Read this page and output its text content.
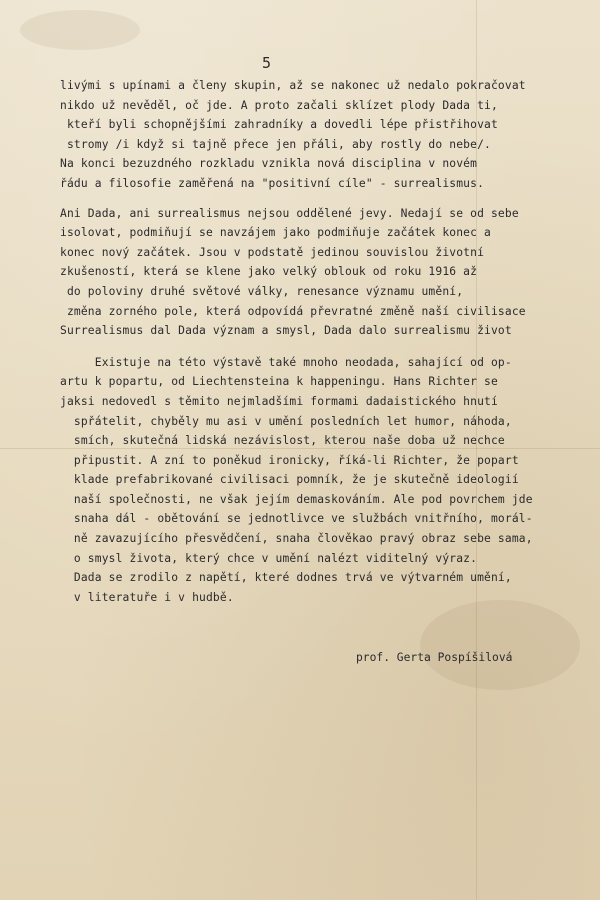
5
livými s upínami a členy skupin, až se nakonec už nedalo pokračovat
nikdo už nevěděl, oč jde. A proto začali sklízet plody Dada ti,
kteří byli schopnějšími zahradníky a dovedli lépe přistřihovat
stromy /i když si tajně přece jen přáli, aby rostly do nebe/.
Na konci bezuzdného rozkladu vznikla nová disciplina v novém
řádu a filosofie zaměřená na "positivní cíle" - surrealismus.
Ani Dada, ani surrealismus nejsou oddělené jevy. Nedají se od sebe
isolovat, podmiňují se navzájem jako podmiňuje začátek konec a
konec nový začátek. Jsou v podstatě jedinou souvislou životní
zkušeností, která se klene jako velký oblouk od roku 1916 až
do poloviny druhé světové války, renesance významu umění,
změna zorného pole, která odpovídá převratné změně naší civilisace
Surrealismus dal Dada význam a smysl, Dada dalo surrealismu život
Existuje na této výstavě také mnoho neodada, sahající od op-
artu k popartu, od Liechtensteina k happeningu. Hans Richter se
jaksi nedovedl s těmito nejmladšími formami dadaistického hnutí
spřátelit, chyběly mu asi v umění posledních let humor, náhoda,
smích, skutečná lidská nezávislost, kterou naše doba už nechce
připustit. A zní to poněkud ironicky, říká-li Richter, že popart
klade prefabrikované civilisaci pomník, že je skutečně ideologií
naší společnosti, ne však jejím demaskováním. Ale pod povrchem jde
snaha dál - obětování se jednotlivce ve službách vnitřního, morál-
ně zavazujícího přesvědčení, snaha člověkao pravý obraz sebe sama,
o smysl života, který chce v umění nalézt viditelný výraz.
Dada se zrodilo z napětí, které dodnes trvá ve výtvarném umění,
v literatuře i v hudbě.
prof. Gerta Pospíšilová
